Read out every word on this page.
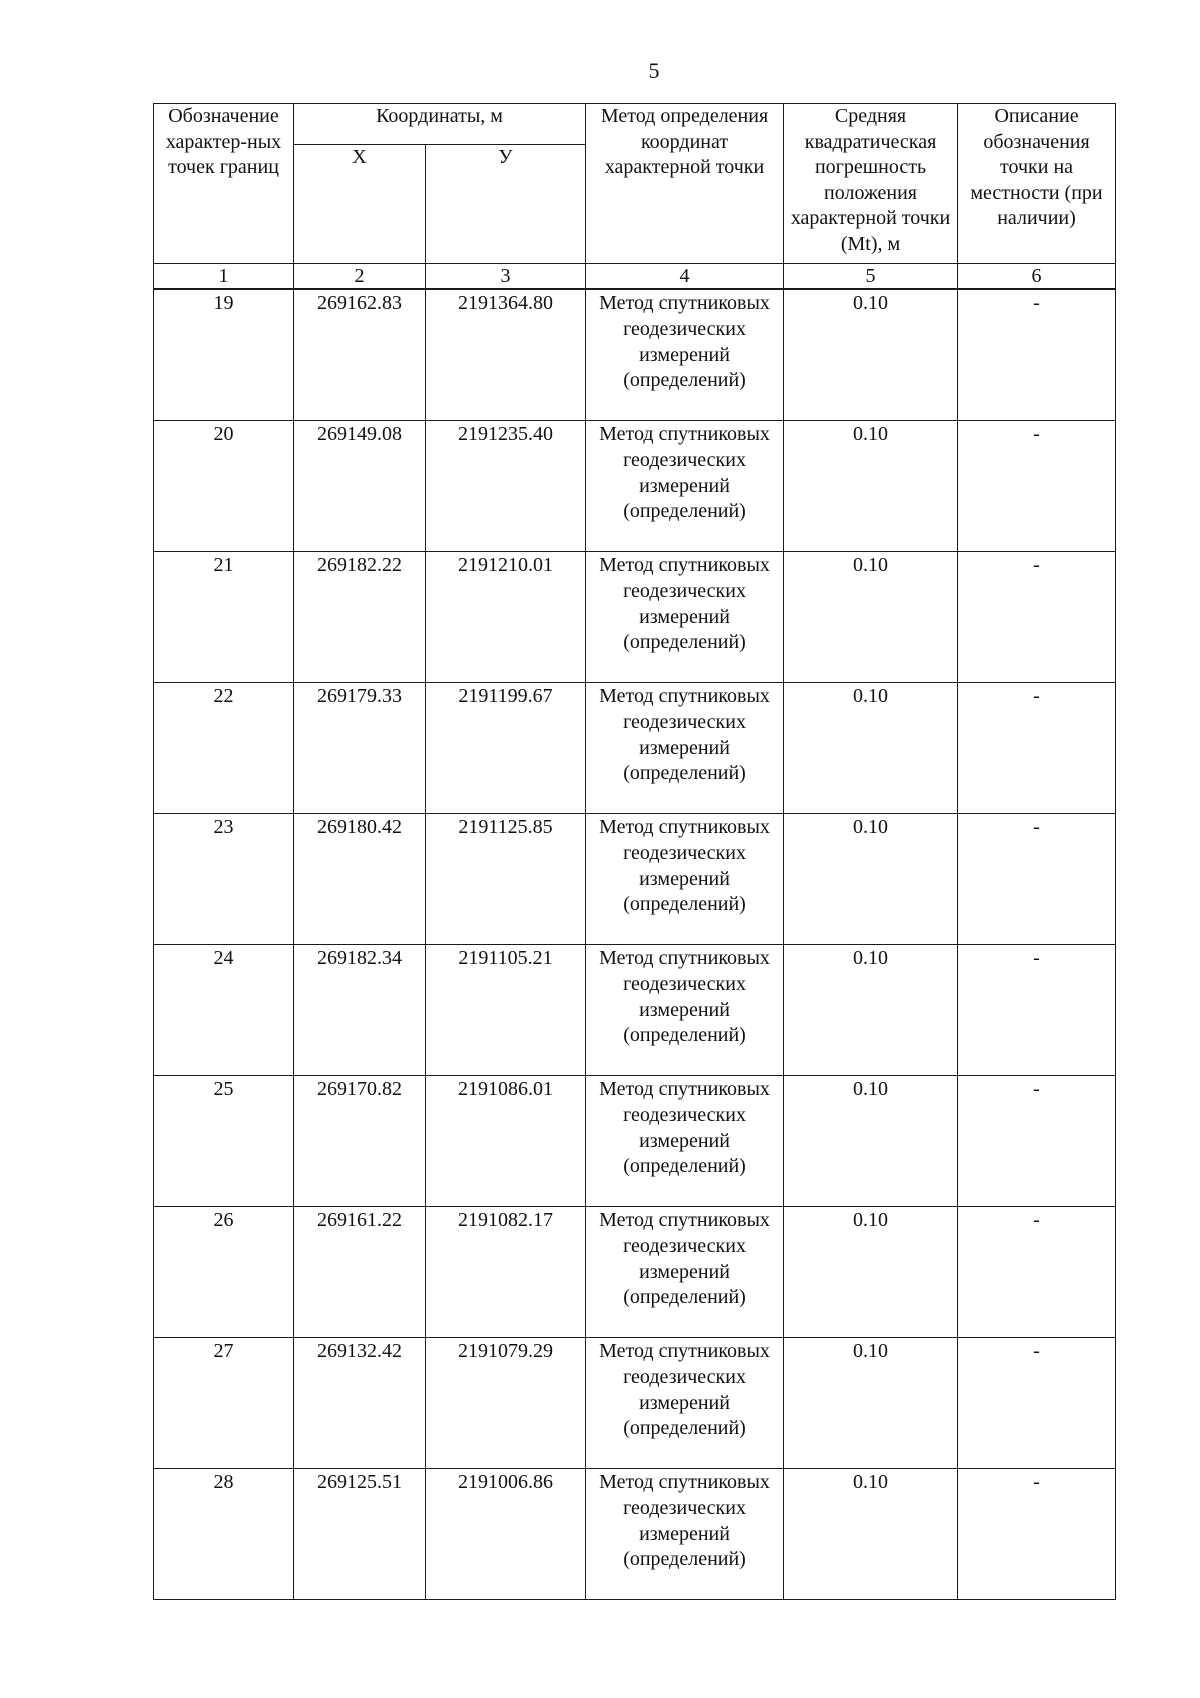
5
Обозначение характер-ных точек границ	Координаты, м		Метод определения координат характерной точки	Средняя квадратическая погрешность положения характерной точки (Mt), м	Описание обозначения точки на местности (при наличии)
	X	У			
1	2	3	4	5	6
19	269162.83	2191364.80	Метод спутниковых геодезических измерений (определений)	0.10	-
20	269149.08	2191235.40	Метод спутниковых геодезических измерений (определений)	0.10	-
21	269182.22	2191210.01	Метод спутниковых геодезических измерений (определений)	0.10	-
22	269179.33	2191199.67	Метод спутниковых геодезических измерений (определений)	0.10	-
23	269180.42	2191125.85	Метод спутниковых геодезических измерений (определений)	0.10	-
24	269182.34	2191105.21	Метод спутниковых геодезических измерений (определений)	0.10	-
25	269170.82	2191086.01	Метод спутниковых геодезических измерений (определений)	0.10	-
26	269161.22	2191082.17	Метод спутниковых геодезических измерений (определений)	0.10	-
27	269132.42	2191079.29	Метод спутниковых геодезических измерений (определений)	0.10	-
28	269125.51	2191006.86	Метод спутниковых геодезических измерений (определений)	0.10	-
